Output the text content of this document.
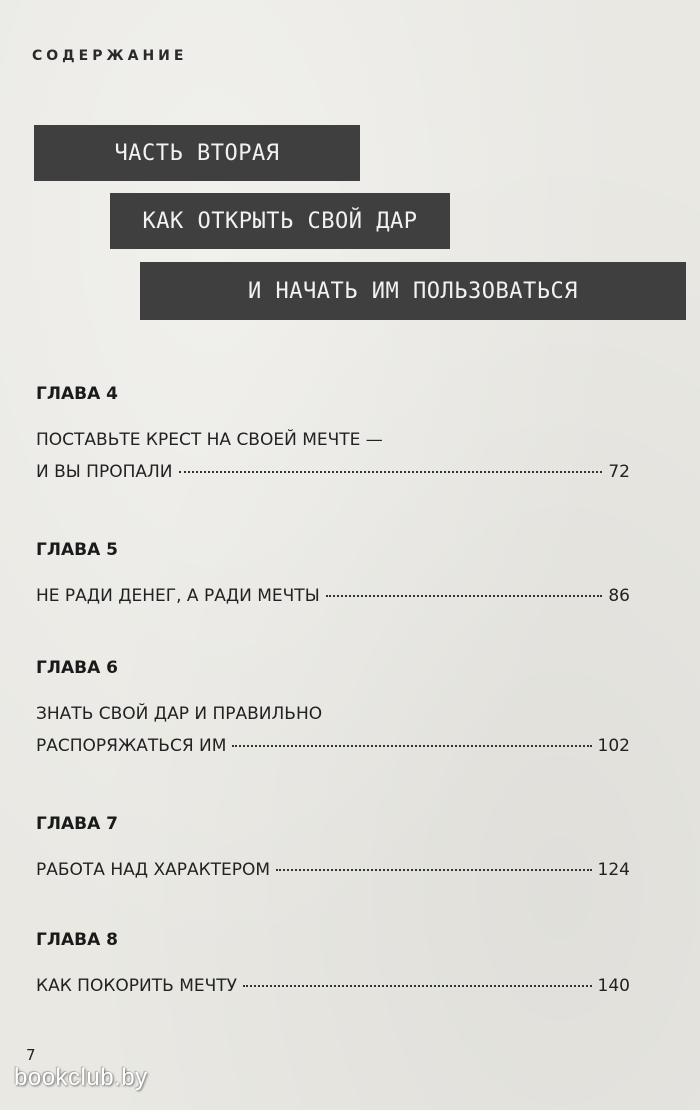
СОДЕРЖАНИЕ
ЧАСТЬ ВТОРАЯ
КАК ОТКРЫТЬ СВОЙ ДАР
И НАЧАТЬ ИМ ПОЛЬЗОВАТЬСЯ
ГЛАВА 4
ПОСТАВЬТЕ КРЕСТ НА СВОЕЙ МЕЧТЕ —
И ВЫ ПРОПАЛИ	72
ГЛАВА 5
НЕ РАДИ ДЕНЕГ, А РАДИ МЕЧТЫ	86
ГЛАВА 6
ЗНАТЬ СВОЙ ДАР И ПРАВИЛЬНО
РАСПОРЯЖАТЬСЯ ИМ	102
ГЛАВА 7
РАБОТА НАД ХАРАКТЕРОМ	124
ГЛАВА 8
КАК ПОКОРИТЬ МЕЧТУ	140
7
bookclub.by
